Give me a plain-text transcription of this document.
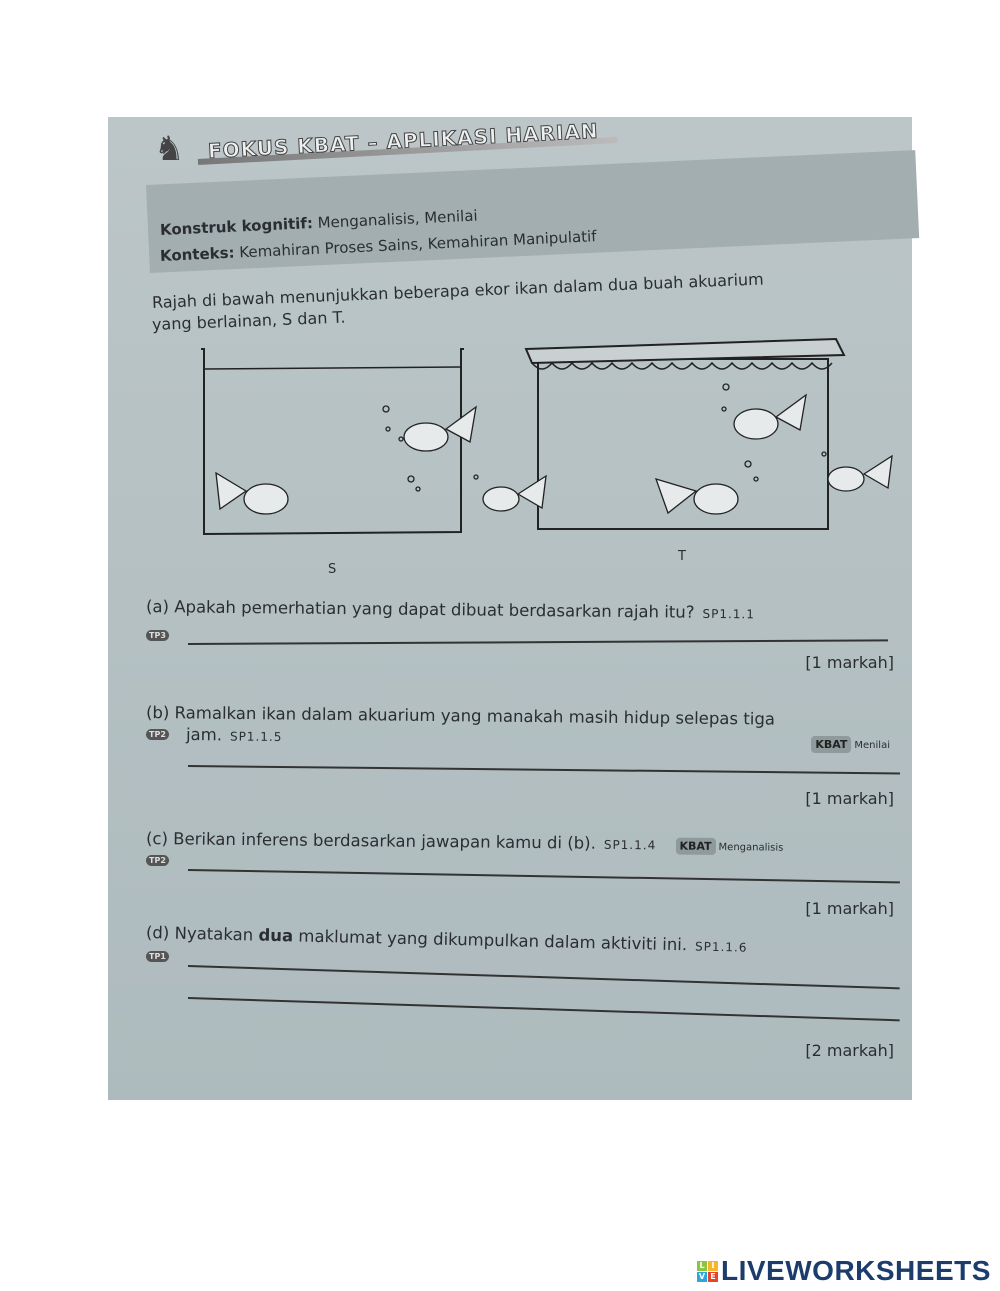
♞ FOKUS KBAT – APLIKASI HARIAN
Konstruk kognitif: Menganalisis, Menilai
Konteks: Kemahiran Proses Sains, Kemahiran Manipulatif
Rajah di bawah menunjukkan beberapa ekor ikan dalam dua buah akuarium
yang berlainan, S dan T.
S
T
(a) Apakah pemerhatian yang dapat dibuat berdasarkan rajah itu? SP1.1.1
TP3
[1 markah]
(b) Ramalkan ikan dalam akuarium yang manakah masih hidup selepas tiga
TP2 jam. SP1.1.5
KBAT Menilai
[1 markah]
(c) Berikan inferens berdasarkan jawapan kamu di (b). SP1.1.4 KBAT Menganalisis
TP2
[1 markah]
(d) Nyatakan dua maklumat yang dikumpulkan dalam aktiviti ini. SP1.1.6
TP1
[2 markah]
L I
V E LIVEWORKSHEETS
